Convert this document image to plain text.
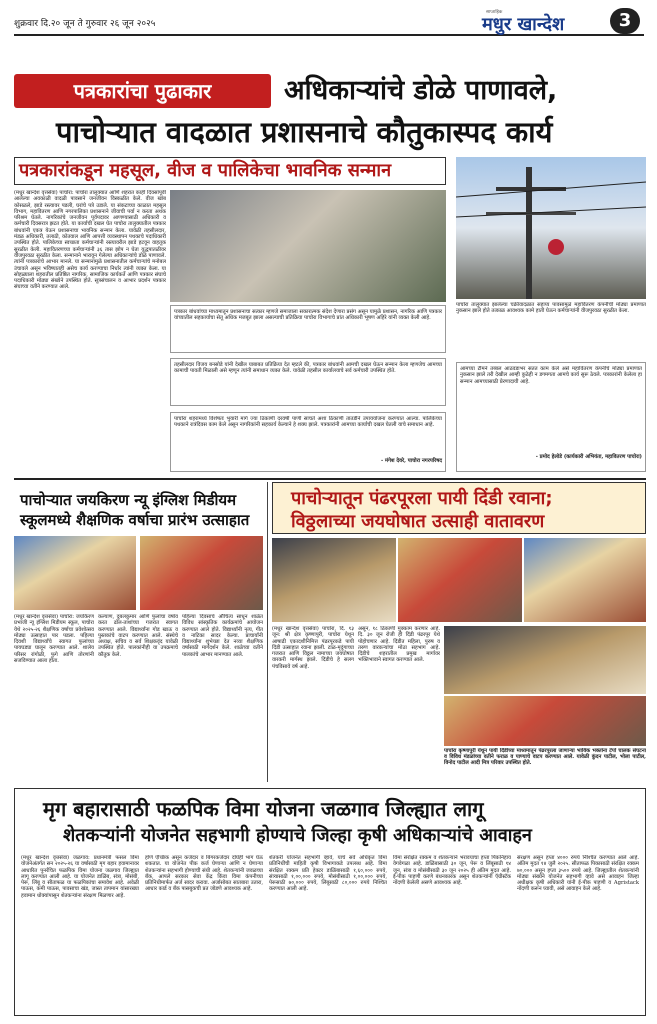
शुक्रवार दि.२० जून ते गुरुवार २६ जून २०२५
साप्ताहिक
मधुर खान्देश	3
पत्रकारांचा पुढाकार	अधिकाऱ्यांचे डोळे पाणावले,
पाचोऱ्यात वादळात प्रशासनाचे कौतुकास्पद कार्य
पत्रकारांकडून महसूल, वीज व पालिकेचा भावनिक सन्मान
(मधुर खान्देश वृत्तसेवा) पाचोरा: पाचोरा तालुक्यात आणि शहरात काही दिवसांपूर्वी आलेल्या अवकाळी वादळी पावसाने जनजीवन विस्कळीत केले. वीज खांब कोसळले, झाडे रस्त्यावर पडली, घरांचे पत्रे उडाले. या संकटाच्या काळात महसूल विभाग, महावितरण आणि नगरपालिका प्रशासनाने जीवाची पर्वा न करता अथक परिश्रम घेतले. नागरिकांचे जनजीवन पूर्वपदावर आणण्यासाठी अधिकारी व कर्मचारी दिवसरात्र झटत होते. या कार्याची दखल घेत पाचोरा तालुक्यातील पत्रकार बांधवांनी एकत्र येऊन प्रशासनाचा भावनिक सन्मान केला. यावेळी तहसीलदार, मंडळ अधिकारी, तलाठी, कोतवाल आणि आपत्ती व्यवस्थापन पथकाचे पदाधिकारी उपस्थित होते. पालिकेच्या स्वच्छता कर्मचाऱ्यांनी रस्त्यावरील झाडे हटवून वाहतूक सुरळीत केली. महावितरणच्या कर्मचाऱ्यांनी ३६ तास झोप न घेता युद्धपातळीवर वीजपुरवठा सुरळीत केला. सन्मानाने भारावून गेलेल्या अधिकाऱ्यांचे डोळे पाणावले. त्यांनी पत्रकारांचे आभार मानले. या सन्मानामुळे प्रशासनातील कर्मचाऱ्यांचे मनोबल उंचावले असून भविष्यातही असेच कार्य करण्याचा निर्धार त्यांनी व्यक्त केला. या सोहळ्याला शहरातील प्रतिष्ठित नागरिक, सामाजिक कार्यकर्ते आणि पत्रकार संघाचे पदाधिकारी मोठ्या संख्येने उपस्थित होते. सूत्रसंचालन व आभार प्रदर्शन पत्रकार संघाच्या वतीने करण्यात आले.
पत्रकार बांधवांच्या माध्यमातून प्रशासनाचा सत्कार म्हणजे समाजाला सकारात्मक संदेश देणारा प्रसंग असून यामुळे प्रशासन, नागरिक आणि पत्रकार यांच्यातील सहकार्याचा सेतू अधिक मजबूत झाला असल्याची प्रतिक्रिया पाचोरा विभागाचे प्रांत अधिकारी भूषण अहिरे यांनी व्यक्त केली आहे.
तहसीलदार विजय बनसोडे यांनी देखील याबाबत प्रतिक्रिया देत म्हटले की, पत्रकार बांधवांनी आमची दखल घेऊन सन्मान केला म्हणजेच आमच्या कामाची पावती मिळाली असे म्हणून त्यांनी समाधान व्यक्त केले. यावेळी तहसील कार्यालयाचे सर्व कर्मचारी उपस्थित होते.
पाचोरा शहरामध्ये विशेषतः भुयारी मार्ग ज्या ठिकाणी दरवर्षी पाणी साचते अशा ठिकाणी तातडीने उपाययोजना करण्यात आल्या. पालिकेच्या पथकाने रात्रंदिवस काम केले असून नागरिकांनी सहकार्य केल्याने हे शक्य झाले. पत्रकारांनी आमच्या कार्याची दखल घेतली याचे समाधान आहे.
- मंगेश देवरे, पाचोरा नगरपरिषद
पाचोरा तालुक्यात झालेल्या चक्रीवादळात सहाय्य पावसामुळे महावितरण कंपनीची मोठ्या प्रमाणात नुकसान झाले होते तत्काळ आवश्यक कामे हाती घेऊन कर्मचाऱ्यांनी वीजपुरवठा सुरळीत केला.
आमच्या टीमने तब्बल आठवडाभर सतत काम केले असे महावितरण कंपनीचे मोठ्या प्रमाणात नुकसान झाले तरी देखील आम्ही कुठेही न डगमगता आमचे कार्य सुरू ठेवले. पत्रकारांनी केलेला हा सन्मान आमच्यासाठी प्रेरणादायी आहे.
- प्रमोद हेलोडे (कार्यकारी अभियंता, महावितरण पाचोरा)
पाचोऱ्यात जयकिरण न्यू इंग्लिश मिडीयम
स्कूलमध्ये शैक्षणिक वर्षाचा प्रारंभ उत्साहात
(मधुर खान्देश वृत्तसेवा) पाचोरा: जयकिरण प्रभाजी न्यू इंग्लिश मिडीयम स्कूल, पाचोरा येथे २०२५-२६ शैक्षणिक वर्षाचा प्रवेशोत्सव मोठ्या उत्साहात पार पडला. पहिल्या दिवशी विद्यार्थ्यांचे स्वागत फुलांच्या पायघड्या घालून करण्यात आले. शालेय परिसर रांगोळी, फुगे आणि तोरणांनी सजविण्यात आला होता.
कल्याण, दुबलकुमार आणि फुलांचा वर्षाव करत ढोल-ताशांच्या गजरात स्वागत करण्यात आले. विद्यार्थ्यांना गोड खाऊ व पुस्तकांचे वाटप करण्यात आले. संस्थेचे अध्यक्ष, सचिव व सर्व शिक्षकवृंद यावेळी उपस्थित होते. पालकांनीही या उपक्रमाचे कौतुक केले.
पहिल्या दिवसाचे औचित्य साधून शाळेत विविध सांस्कृतिक कार्यक्रमांचे आयोजन करण्यात आले होते. विद्यार्थ्यांनी नृत्य, गीत व नाटिका सादर केल्या. प्राचार्यांनी विद्यार्थ्यांना शुभेच्छा देत नव्या शैक्षणिक वर्षासाठी मार्गदर्शन केले. शाळेच्या वतीने पालकांचे आभार मानण्यात आले.
पाचोऱ्यातून पंढरपूरला पायी दिंडी रवाना;
विठ्ठलाच्या जयघोषात उत्साही वातावरण
(मधुर खान्देश वृत्तसेवा) पाचोरा, दि. १३ जून: श्री क्षेत्र कृष्णापुरी, पाचोरा येथून आषाढी एकादशीनिमित्त पंढरपूरकडे पायी दिंडी उत्साहात रवाना झाली. टाळ-मृदुंगाच्या गजरात आणि विठ्ठल नामाच्या जयघोषात वारकरी मार्गस्थ झाले. दिंडीचे हे सलग पंचविसावे वर्ष आहे.
असून, १८ ठिकाणी मुक्काम करणार आहे. दि. ३० जून रोजी ही दिंडी पंढरपूर येथे पोहोचणार आहे. दिंडीत महिला, पुरुष व तरुण वारकऱ्यांचा मोठा सहभाग आहे. दिंडीचे शहरातील प्रमुख मार्गावर भक्तिभावाने स्वागत करण्यात आले.
पाचोरा कृष्णापुरी येथून पायी दिंडीच्या माध्यमातून पंढरपूरला जाणाऱ्या भाविक भक्तांना टेंपो चालक संघटना व विविध मंडळांच्या वतीने फराळ व पाण्याचे वाटप करण्यात आले. यावेळी कुंदन पाटील, भोला पाटील, विनोद पाटील आदी मित्र परिवार उपस्थित होते.
मृग बहारासाठी फळपिक विमा योजना जळगाव जिल्ह्यात लागू
शेतकऱ्यांनी योजनेत सहभागी होण्याचे जिल्हा कृषी अधिकाऱ्यांचे आवाहन
(मधुर खान्देश वृत्तसेवा) जळगाव: प्रधानमंत्री फसल विमा योजनेअंतर्गत सन २०२५-२६ या वर्षासाठी मृग बहार हवामानावर आधारित पुनर्रचित फळपिक विमा योजना जळगाव जिल्ह्यात लागू करण्यात आली आहे. या योजनेत डाळिंब, संत्रा, मोसंबी, पेरू, लिंबू व सीताफळ या फळपिकांचा समावेश आहे. अवेळी पाऊस, कमी पाऊस, पावसाचा खंड, जास्त तापमान यांसारख्या हवामान धोक्यांपासून शेतकऱ्यांना संरक्षण मिळणार आहे.
होणे ऐच्छिक असून कर्जदार व बिगरकर्जदार दोघेही भाग घेऊ शकतात. या योजनेत पीक कर्ज घेणाऱ्या आणि न घेणाऱ्या शेतकऱ्यांना सहभागी होण्याची संधी आहे. शेतकऱ्यांनी जवळच्या बँक, आपले सरकार सेवा केंद्र किंवा विमा कंपनीच्या प्रतिनिधीमार्फत अर्ज सादर करावा. अर्जासोबत सातबारा उतारा, आधार कार्ड व बँक पासबुकची प्रत जोडणे आवश्यक आहे.
शेतकरी योजनेत सहभागी व्हावे, याचे सर्व अधिकृत विमा प्रतिनिधींची माहिती कृषी विभागाकडे उपलब्ध आहे. विमा संरक्षित रक्कम प्रति हेक्टर डाळिंबासाठी १,६०,००० रुपये, संत्र्यासाठी १,००,००० रुपये, मोसंबीसाठी १,००,००० रुपये, पेरूसाठी ७०,००० रुपये, लिंबूसाठी ८०,००० रुपये निश्चित करण्यात आली आहे.
विमा संरक्षित रक्कम व शेतकऱ्याने भरावयाचा हप्ता पिकनिहाय वेगवेगळा आहे. डाळिंबासाठी ३० जून, पेरू व लिंबूसाठी १४ जून, संत्रा व मोसंबीसाठी ३० जून २०२५ ही अंतिम मुदत आहे. ई-पीक पाहणी करणे बंधनकारक असून शेतकऱ्यांनी ऍग्रीस्टॅक नोंदणी केलेली असणे आवश्यक आहे.
संरक्षण असून हप्ता ४००० रुपये निश्चित करण्यात आले आहे. अंतिम मुदत १४ जुलै २०२५. सीताफळ पिकासाठी संरक्षित रक्कम ७०,००० असून हप्ता ३५०० रुपये आहे. जिल्ह्यातील शेतकऱ्यांनी मोठ्या संख्येने योजनेत सहभागी व्हावे असे आवाहन जिल्हा अधीक्षक कृषी अधिकारी यांनी ई-पीक पाहणी व Agristack नोंदणी करून घ्यावी, असे आवाहन केले आहे.
